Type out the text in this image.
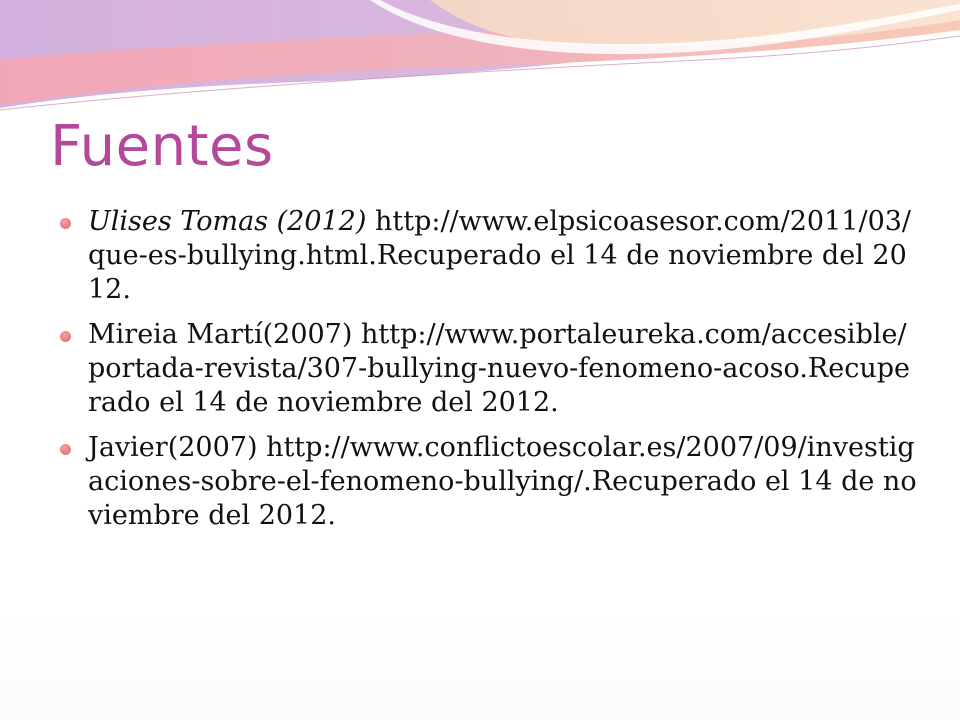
Fuentes
Ulises Tomas (2012) http://www.elpsicoasesor.com/2011/03/que-es-bullying.html.Recuperado el 14 de noviembre del 2012.
Mireia Martí(2007) http://www.portaleureka.com/accesible/portada-revista/307-bullying-nuevo-fenomeno-acoso.Recuperado el 14 de noviembre del 2012.
Javier(2007) http://www.conflictoescolar.es/2007/09/investigaciones-sobre-el-fenomeno-bullying/.Recuperado el 14 de noviembre del 2012.
